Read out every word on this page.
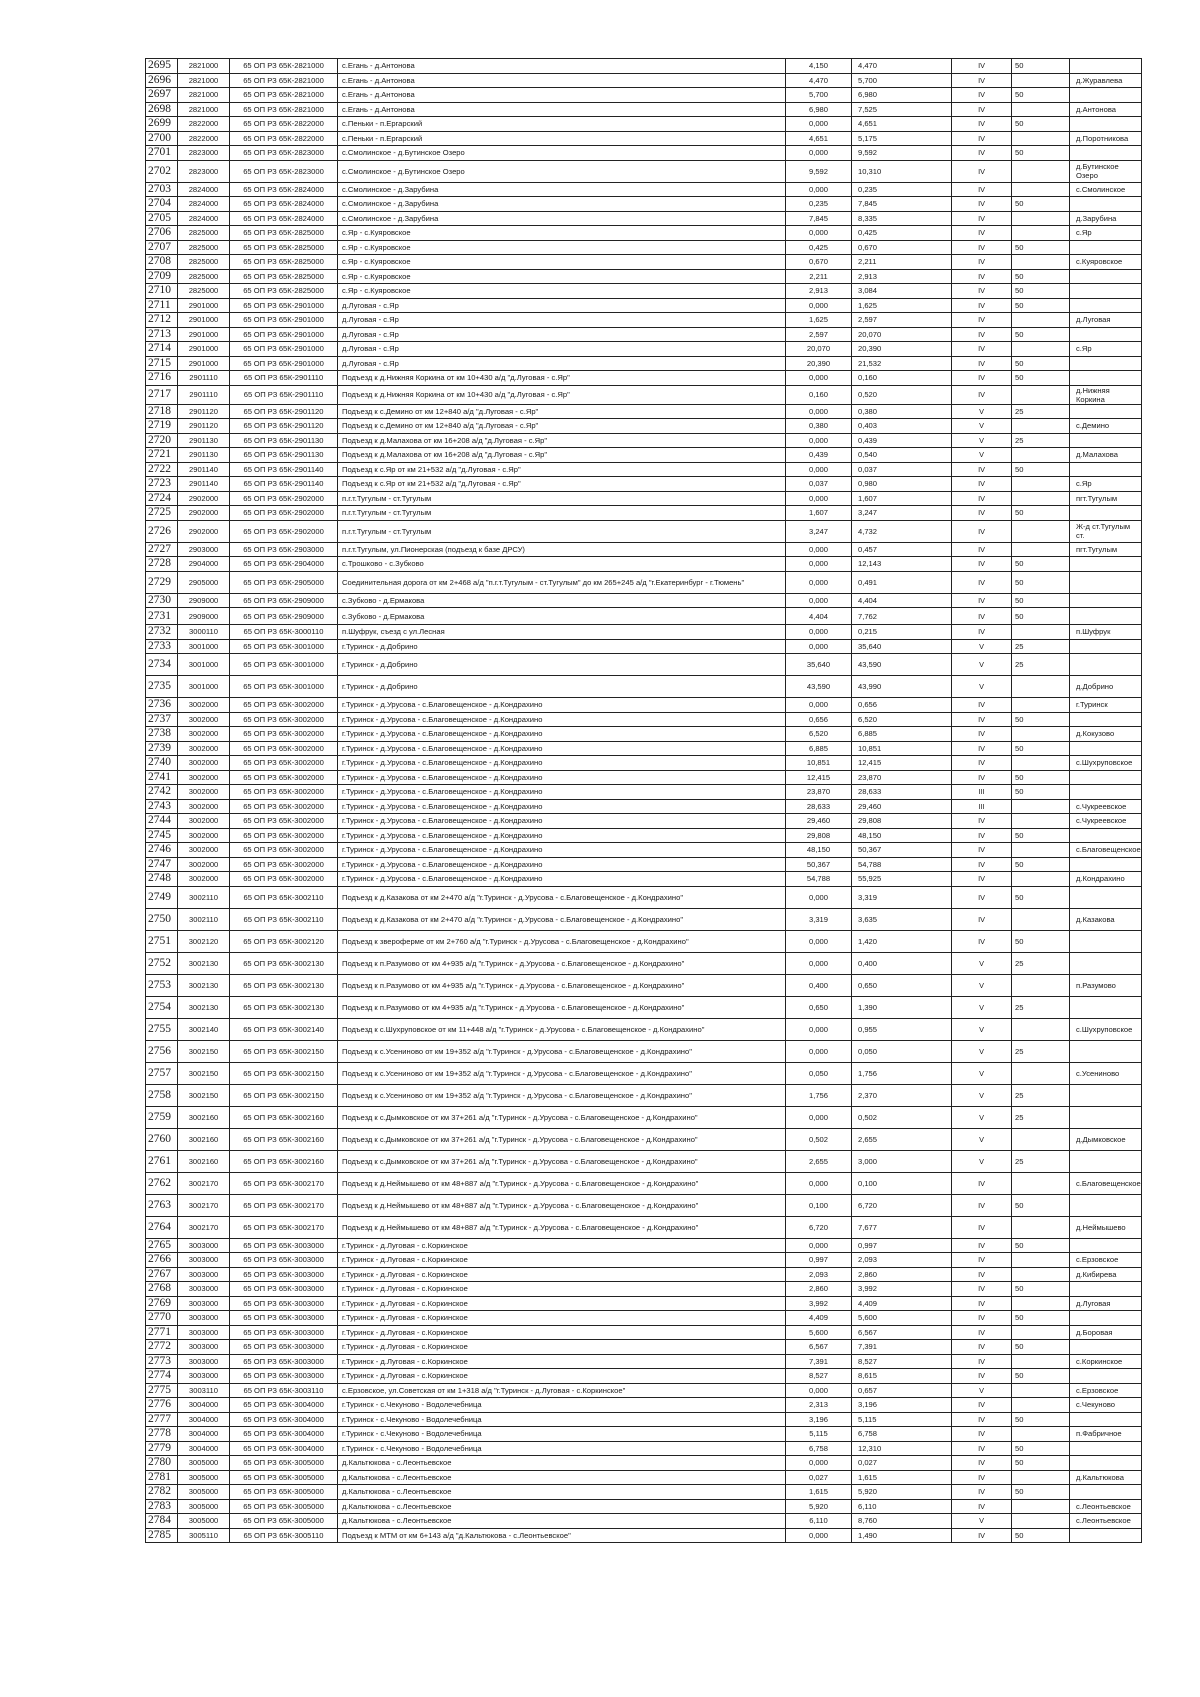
2695	2821000	65 ОП РЗ 65К-2821000	с.Егань - д.Антонова	4,150	4,470	IV	50	
2696	2821000	65 ОП РЗ 65К-2821000	с.Егань - д.Антонова	4,470	5,700	IV		д.Журавлева
2697	2821000	65 ОП РЗ 65К-2821000	с.Егань - д.Антонова	5,700	6,980	IV	50	
2698	2821000	65 ОП РЗ 65К-2821000	с.Егань - д.Антонова	6,980	7,525	IV		д.Антонова
2699	2822000	65 ОП РЗ 65К-2822000	с.Пеньки - п.Ергарский	0,000	4,651	IV	50	
2700	2822000	65 ОП РЗ 65К-2822000	с.Пеньки - п.Ергарский	4,651	5,175	IV		д.Поротникова
2701	2823000	65 ОП РЗ 65К-2823000	с.Смолинское - д.Бутинское Озеро	0,000	9,592	IV	50	
2702	2823000	65 ОП РЗ 65К-2823000	с.Смолинское - д.Бутинское Озеро	9,592	10,310	IV		д.Бутинское Озеро
2703	2824000	65 ОП РЗ 65К-2824000	с.Смолинское - д.Зарубина	0,000	0,235	IV		с.Смолинское
2704	2824000	65 ОП РЗ 65К-2824000	с.Смолинское - д.Зарубина	0,235	7,845	IV	50	
2705	2824000	65 ОП РЗ 65К-2824000	с.Смолинское - д.Зарубина	7,845	8,335	IV		д.Зарубина
2706	2825000	65 ОП РЗ 65К-2825000	с.Яр - с.Куяровское	0,000	0,425	IV		с.Яр
2707	2825000	65 ОП РЗ 65К-2825000	с.Яр - с.Куяровское	0,425	0,670	IV	50	
2708	2825000	65 ОП РЗ 65К-2825000	с.Яр - с.Куяровское	0,670	2,211	IV		с.Куяровское
2709	2825000	65 ОП РЗ 65К-2825000	с.Яр - с.Куяровское	2,211	2,913	IV	50	
2710	2825000	65 ОП РЗ 65К-2825000	с.Яр - с.Куяровское	2,913	3,084	IV	50	
2711	2901000	65 ОП РЗ 65К-2901000	д.Луговая - с.Яр	0,000	1,625	IV	50	
2712	2901000	65 ОП РЗ 65К-2901000	д.Луговая - с.Яр	1,625	2,597	IV		д.Луговая
2713	2901000	65 ОП РЗ 65К-2901000	д.Луговая - с.Яр	2,597	20,070	IV	50	
2714	2901000	65 ОП РЗ 65К-2901000	д.Луговая - с.Яр	20,070	20,390	IV		с.Яр
2715	2901000	65 ОП РЗ 65К-2901000	д.Луговая - с.Яр	20,390	21,532	IV	50	
2716	2901110	65 ОП РЗ 65К-2901110	Подъезд к д.Нижняя Коркина от км 10+430 а/д "д.Луговая - с.Яр"	0,000	0,160	IV	50	
2717	2901110	65 ОП РЗ 65К-2901110	Подъезд к д.Нижняя Коркина от км 10+430 а/д "д.Луговая - с.Яр"	0,160	0,520	IV		д.Нижняя Коркина
2718	2901120	65 ОП РЗ 65К-2901120	Подъезд к с.Демино от км 12+840 а/д "д.Луговая - с.Яр"	0,000	0,380	V	25	
2719	2901120	65 ОП РЗ 65К-2901120	Подъезд к с.Демино от км 12+840 а/д "д.Луговая - с.Яр"	0,380	0,403	V		с.Демино
2720	2901130	65 ОП РЗ 65К-2901130	Подъезд к д.Малахова от км 16+208 а/д "д.Луговая - с.Яр"	0,000	0,439	V	25	
2721	2901130	65 ОП РЗ 65К-2901130	Подъезд к д.Малахова от км 16+208 а/д "д.Луговая - с.Яр"	0,439	0,540	V		д.Малахова
2722	2901140	65 ОП РЗ 65К-2901140	Подъезд к с.Яр от км 21+532 а/д "д.Луговая - с.Яр"	0,000	0,037	IV	50	
2723	2901140	65 ОП РЗ 65К-2901140	Подъезд к с.Яр от км 21+532 а/д "д.Луговая - с.Яр"	0,037	0,980	IV		с.Яр
2724	2902000	65 ОП РЗ 65К-2902000	п.г.т.Тугулым - ст.Тугулым	0,000	1,607	IV		пгт.Тугулым
2725	2902000	65 ОП РЗ 65К-2902000	п.г.т.Тугулым - ст.Тугулым	1,607	3,247	IV	50	
2726	2902000	65 ОП РЗ 65К-2902000	п.г.т.Тугулым - ст.Тугулым	3,247	4,732	IV		Ж-д ст.Тугулым ст.
2727	2903000	65 ОП РЗ 65К-2903000	п.г.т.Тугулым, ул.Пионерская (подъезд к базе ДРСУ)	0,000	0,457	IV		пгт.Тугулым
2728	2904000	65 ОП РЗ 65К-2904000	с.Трошково - с.Зубково	0,000	12,143	IV	50	
2729	2905000	65 ОП РЗ 65К-2905000	Соединительная дорога от км 2+468 а/д "п.г.т.Тугулым - ст.Тугулым" до км 265+245 а/д "г.Екатеринбург - г.Тюмень"	0,000	0,491	IV	50	
2730	2909000	65 ОП РЗ 65К-2909000	с.Зубково - д.Ермакова	0,000	4,404	IV	50	
2731	2909000	65 ОП РЗ 65К-2909000	с.Зубково - д.Ермакова	4,404	7,762	IV	50	
2732	3000110	65 ОП РЗ 65К-3000110	п.Шуфрук, съезд с ул.Лесная	0,000	0,215	IV		п.Шуфрук
2733	3001000	65 ОП РЗ 65К-3001000	г.Туринск - д.Добрино	0,000	35,640	V	25	
2734	3001000	65 ОП РЗ 65К-3001000	г.Туринск - д.Добрино	35,640	43,590	V	25	
2735	3001000	65 ОП РЗ 65К-3001000	г.Туринск - д.Добрино	43,590	43,990	V		д.Добрино
2736	3002000	65 ОП РЗ 65К-3002000	г.Туринск - д.Урусова - с.Благовещенское - д.Кондрахино	0,000	0,656	IV		г.Туринск
2737	3002000	65 ОП РЗ 65К-3002000	г.Туринск - д.Урусова - с.Благовещенское - д.Кондрахино	0,656	6,520	IV	50	
2738	3002000	65 ОП РЗ 65К-3002000	г.Туринск - д.Урусова - с.Благовещенское - д.Кондрахино	6,520	6,885	IV		д.Кокузово
2739	3002000	65 ОП РЗ 65К-3002000	г.Туринск - д.Урусова - с.Благовещенское - д.Кондрахино	6,885	10,851	IV	50	
2740	3002000	65 ОП РЗ 65К-3002000	г.Туринск - д.Урусова - с.Благовещенское - д.Кондрахино	10,851	12,415	IV		с.Шухруповское
2741	3002000	65 ОП РЗ 65К-3002000	г.Туринск - д.Урусова - с.Благовещенское - д.Кондрахино	12,415	23,870	IV	50	
2742	3002000	65 ОП РЗ 65К-3002000	г.Туринск - д.Урусова - с.Благовещенское - д.Кондрахино	23,870	28,633	III	50	
2743	3002000	65 ОП РЗ 65К-3002000	г.Туринск - д.Урусова - с.Благовещенское - д.Кондрахино	28,633	29,460	III		с.Чукреевское
2744	3002000	65 ОП РЗ 65К-3002000	г.Туринск - д.Урусова - с.Благовещенское - д.Кондрахино	29,460	29,808	IV		с.Чукреевское
2745	3002000	65 ОП РЗ 65К-3002000	г.Туринск - д.Урусова - с.Благовещенское - д.Кондрахино	29,808	48,150	IV	50	
2746	3002000	65 ОП РЗ 65К-3002000	г.Туринск - д.Урусова - с.Благовещенское - д.Кондрахино	48,150	50,367	IV		с.Благовещенское
2747	3002000	65 ОП РЗ 65К-3002000	г.Туринск - д.Урусова - с.Благовещенское - д.Кондрахино	50,367	54,788	IV	50	
2748	3002000	65 ОП РЗ 65К-3002000	г.Туринск - д.Урусова - с.Благовещенское - д.Кондрахино	54,788	55,925	IV		д.Кондрахино
2749	3002110	65 ОП РЗ 65К-3002110	Подъезд к д.Казакова от км 2+470 а/д "г.Туринск - д.Урусова - с.Благовещенское - д.Кондрахино"	0,000	3,319	IV	50	
2750	3002110	65 ОП РЗ 65К-3002110	Подъезд к д.Казакова от км 2+470 а/д "г.Туринск - д.Урусова - с.Благовещенское - д.Кондрахино"	3,319	3,635	IV		д.Казакова
2751	3002120	65 ОП РЗ 65К-3002120	Подъезд к звероферме от км 2+760 а/д "г.Туринск - д.Урусова - с.Благовещенское - д.Кондрахино"	0,000	1,420	IV	50	
2752	3002130	65 ОП РЗ 65К-3002130	Подъезд к п.Разумово от км 4+935 а/д "г.Туринск - д.Урусова - с.Благовещенское - д.Кондрахино"	0,000	0,400	V	25	
2753	3002130	65 ОП РЗ 65К-3002130	Подъезд к п.Разумово от км 4+935 а/д "г.Туринск - д.Урусова - с.Благовещенское - д.Кондрахино"	0,400	0,650	V		п.Разумово
2754	3002130	65 ОП РЗ 65К-3002130	Подъезд к п.Разумово от км 4+935 а/д "г.Туринск - д.Урусова - с.Благовещенское - д.Кондрахино"	0,650	1,390	V	25	
2755	3002140	65 ОП РЗ 65К-3002140	Подъезд к с.Шухруповское от км 11+448 а/д "г.Туринск - д.Урусова - с.Благовещенское - д.Кондрахино"	0,000	0,955	V		с.Шухруповское
2756	3002150	65 ОП РЗ 65К-3002150	Подъезд к с.Усениново от км 19+352 а/д "г.Туринск - д.Урусова - с.Благовещенское - д.Кондрахино"	0,000	0,050	V	25	
2757	3002150	65 ОП РЗ 65К-3002150	Подъезд к с.Усениново от км 19+352 а/д "г.Туринск - д.Урусова - с.Благовещенское - д.Кондрахино"	0,050	1,756	V		с.Усениново
2758	3002150	65 ОП РЗ 65К-3002150	Подъезд к с.Усениново от км 19+352 а/д "г.Туринск - д.Урусова - с.Благовещенское - д.Кондрахино"	1,756	2,370	V	25	
2759	3002160	65 ОП РЗ 65К-3002160	Подъезд к с.Дымковское от км 37+261 а/д "г.Туринск - д.Урусова - с.Благовещенское - д.Кондрахино"	0,000	0,502	V	25	
2760	3002160	65 ОП РЗ 65К-3002160	Подъезд к с.Дымковское от км 37+261 а/д "г.Туринск - д.Урусова - с.Благовещенское - д.Кондрахино"	0,502	2,655	V		д.Дымковское
2761	3002160	65 ОП РЗ 65К-3002160	Подъезд к с.Дымковское от км 37+261 а/д "г.Туринск - д.Урусова - с.Благовещенское - д.Кондрахино"	2,655	3,000	V	25	
2762	3002170	65 ОП РЗ 65К-3002170	Подъезд к д.Неймышево от км 48+887 а/д "г.Туринск - д.Урусова - с.Благовещенское - д.Кондрахино"	0,000	0,100	IV		с.Благовещенское
2763	3002170	65 ОП РЗ 65К-3002170	Подъезд к д.Неймышево от км 48+887 а/д "г.Туринск - д.Урусова - с.Благовещенское - д.Кондрахино"	0,100	6,720	IV	50	
2764	3002170	65 ОП РЗ 65К-3002170	Подъезд к д.Неймышево от км 48+887 а/д "г.Туринск - д.Урусова - с.Благовещенское - д.Кондрахино"	6,720	7,677	IV		д.Неймышево
2765	3003000	65 ОП РЗ 65К-3003000	г.Туринск - д.Луговая - с.Коркинское	0,000	0,997	IV	50	
2766	3003000	65 ОП РЗ 65К-3003000	г.Туринск - д.Луговая - с.Коркинское	0,997	2,093	IV		с.Ерзовское
2767	3003000	65 ОП РЗ 65К-3003000	г.Туринск - д.Луговая - с.Коркинское	2,093	2,860	IV		д.Кибирева
2768	3003000	65 ОП РЗ 65К-3003000	г.Туринск - д.Луговая - с.Коркинское	2,860	3,992	IV	50	
2769	3003000	65 ОП РЗ 65К-3003000	г.Туринск - д.Луговая - с.Коркинское	3,992	4,409	IV		д.Луговая
2770	3003000	65 ОП РЗ 65К-3003000	г.Туринск - д.Луговая - с.Коркинское	4,409	5,600	IV	50	
2771	3003000	65 ОП РЗ 65К-3003000	г.Туринск - д.Луговая - с.Коркинское	5,600	6,567	IV		д.Боровая
2772	3003000	65 ОП РЗ 65К-3003000	г.Туринск - д.Луговая - с.Коркинское	6,567	7,391	IV	50	
2773	3003000	65 ОП РЗ 65К-3003000	г.Туринск - д.Луговая - с.Коркинское	7,391	8,527	IV		с.Коркинское
2774	3003000	65 ОП РЗ 65К-3003000	г.Туринск - д.Луговая - с.Коркинское	8,527	8,615	IV	50	
2775	3003110	65 ОП РЗ 65К-3003110	с.Ерзовское, ул.Советская от км 1+318 а/д "г.Туринск - д.Луговая - с.Коркинское"	0,000	0,657	V		с.Ерзовское
2776	3004000	65 ОП РЗ 65К-3004000	г.Туринск - с.Чекуново - Водолечебница	2,313	3,196	IV		с.Чекуново
2777	3004000	65 ОП РЗ 65К-3004000	г.Туринск - с.Чекуново - Водолечебница	3,196	5,115	IV	50	
2778	3004000	65 ОП РЗ 65К-3004000	г.Туринск - с.Чекуново - Водолечебница	5,115	6,758	IV		п.Фабричное
2779	3004000	65 ОП РЗ 65К-3004000	г.Туринск - с.Чекуново - Водолечебница	6,758	12,310	IV	50	
2780	3005000	65 ОП РЗ 65К-3005000	д.Кальтюкова - с.Леонтьевское	0,000	0,027	IV	50	
2781	3005000	65 ОП РЗ 65К-3005000	д.Кальтюкова - с.Леонтьевское	0,027	1,615	IV		д.Кальтюкова
2782	3005000	65 ОП РЗ 65К-3005000	д.Кальтюкова - с.Леонтьевское	1,615	5,920	IV	50	
2783	3005000	65 ОП РЗ 65К-3005000	д.Кальтюкова - с.Леонтьевское	5,920	6,110	IV		с.Леонтьевское
2784	3005000	65 ОП РЗ 65К-3005000	д.Кальтюкова - с.Леонтьевское	6,110	8,760	V		с.Леонтьевское
2785	3005110	65 ОП РЗ 65К-3005110	Подъезд к МТМ от км 6+143 а/д "д.Кальтюкова - с.Леонтьевское"	0,000	1,490	IV	50	
